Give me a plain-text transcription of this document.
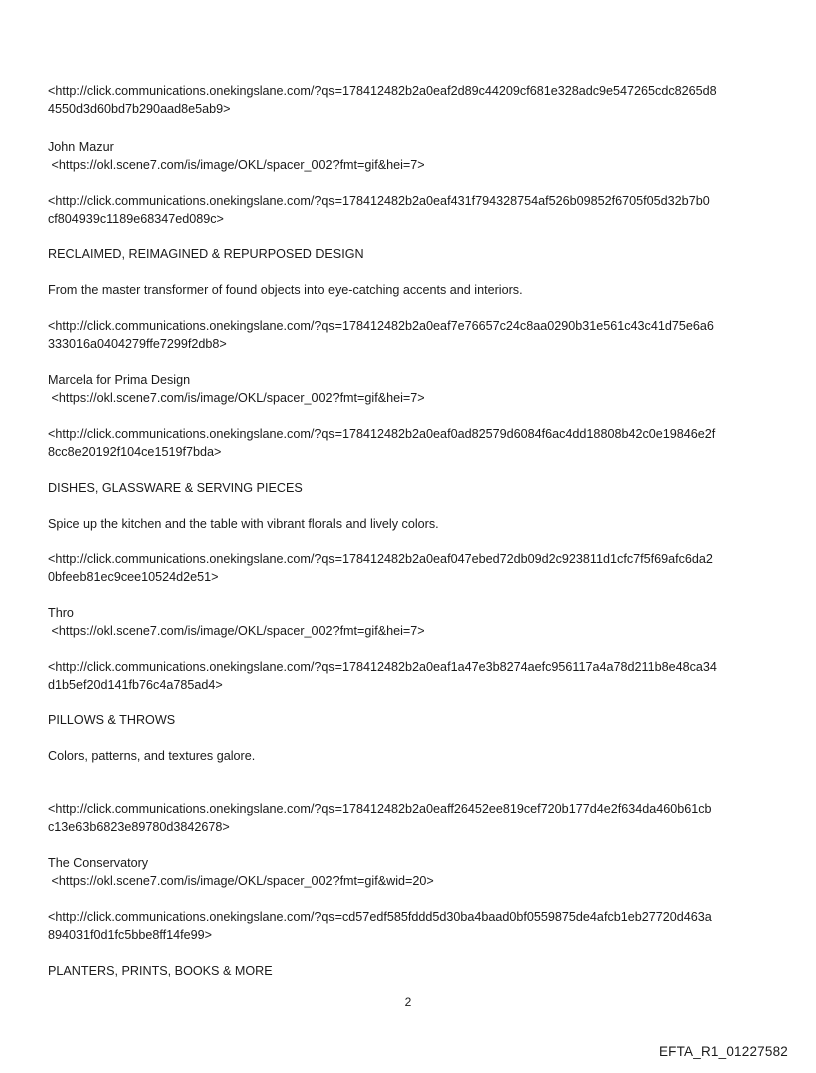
<http://click.communications.onekingslane.com/?qs=178412482b2a0eaf2d89c44209cf681e328adc9e547265cdc8265d8
4550d3d60bd7b290aad8e5ab9>

John Mazur

<https://okl.scene7.com/is/image/OKL/spacer_002?fmt=gif&hei=7>

<http://click.communications.onekingslane.com/?qs=178412482b2a0eaf431f794328754af526b09852f6705f05d32b7b0
cf804939c1189e68347ed089c>

RECLAIMED, REIMAGINED & REPURPOSED DESIGN

From the master transformer of found objects into eye-catching accents and interiors.

<http://click.communications.onekingslane.com/?qs=178412482b2a0eaf7e76657c24c8aa0290b31e561c43c41d75e6a6
333016a0404279ffe7299f2db8>

Marcela for Prima Design

<https://okl.scene7.com/is/image/OKL/spacer_002?fmt=gif&hei=7>

<http://click.communications.onekingslane.com/?qs=178412482b2a0eaf0ad82579d6084f6ac4dd18808b42c0e19846e2f
8cc8e20192f104ce1519f7bda>

DISHES, GLASSWARE & SERVING PIECES

Spice up the kitchen and the table with vibrant florals and lively colors.

<http://click.communications.onekingslane.com/?qs=178412482b2a0eaf047ebed72db09d2c923811d1cfc7f5f69afc6da2
0bfeeb81ec9cee10524d2e51>

Thro

<https://okl.scene7.com/is/image/OKL/spacer_002?fmt=gif&hei=7>

<http://click.communications.onekingslane.com/?qs=178412482b2a0eaf1a47e3b8274aefc956117a4a78d211b8e48ca34
d1b5ef20d141fb76c4a785ad4>

PILLOWS & THROWS

Colors, patterns, and textures galore.

<http://click.communications.onekingslane.com/?qs=178412482b2a0eaff26452ee819cef720b177d4e2f634da460b61cb
c13e63b6823e89780d3842678>

The Conservatory

<https://okl.scene7.com/is/image/OKL/spacer_002?fmt=gif&wid=20>

<http://click.communications.onekingslane.com/?qs=cd57edf585fddd5d30ba4baad0bf0559875de4afcb1eb27720d463a
894031f0d1fc5bbe8ff14fe99>

PLANTERS, PRINTS, BOOKS & MORE

2
EFTA_R1_01227582
